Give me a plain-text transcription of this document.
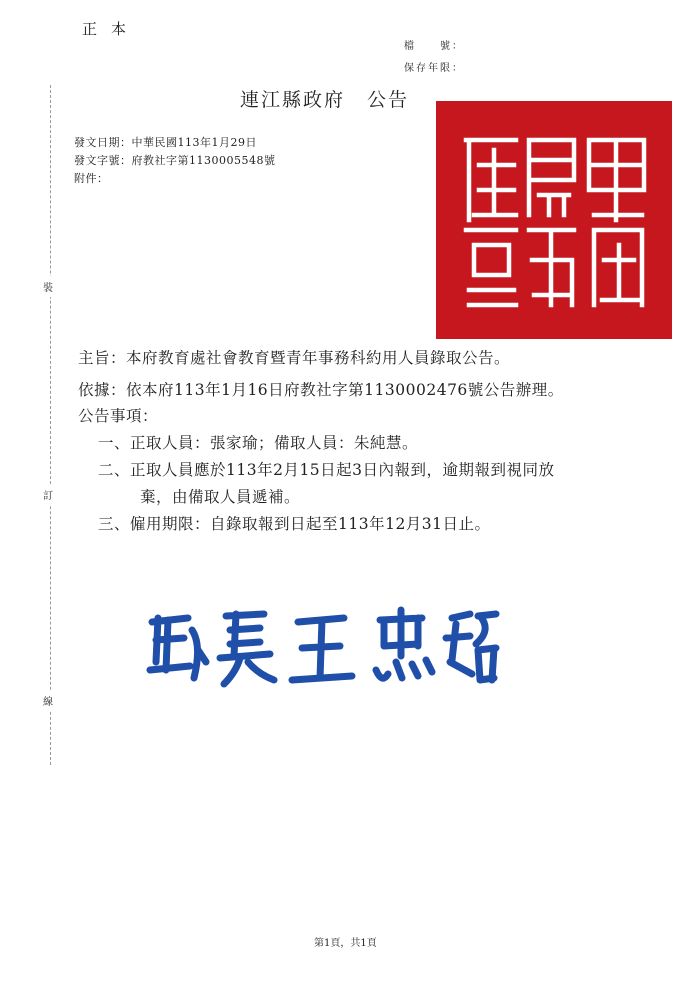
正本
檔　　號：
保存年限：
連江縣政府 公告
發文日期：中華民國113年1月29日
發文字號：府教社字第1130005548號
附件：
裝
訂
線
主旨：本府教育處社會教育暨青年事務科約用人員錄取公告。
依據：依本府113年1月16日府教社字第1130002476號公告辦理。
公告事項：
一、正取人員：張家瑜；備取人員：朱純慧。
二、正取人員應於113年2月15日起3日內報到，逾期報到視同放
棄，由備取人員遞補。
三、僱用期限：自錄取報到日起至113年12月31日止。
第1頁，共1頁
